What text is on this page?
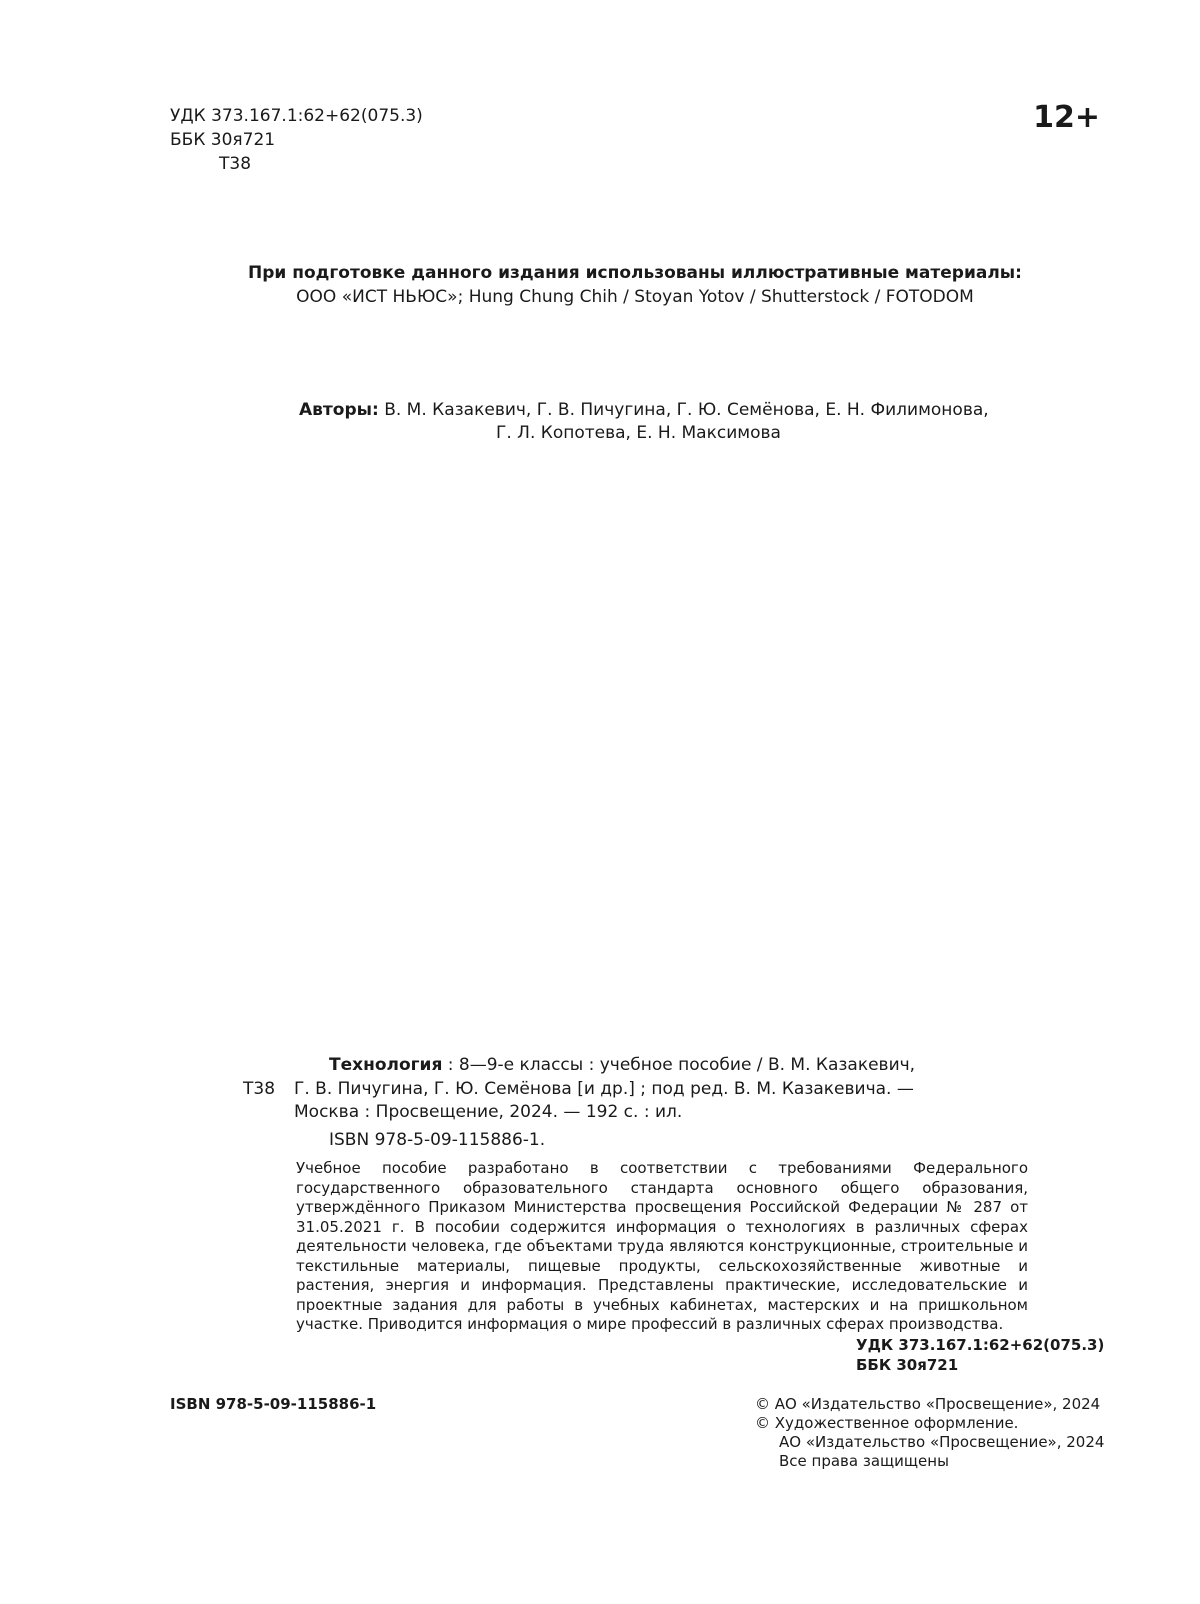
УДК 373.167.1:62+62(075.3)
ББК 30я721
Т38
12+
При подготовке данного издания использованы иллюстративные материалы:
ООО «ИСТ НЬЮС»; Hung Chung Chih / Stoyan Yotov / Shutterstock / FOTODOM
Авторы: В. М. Казакевич, Г. В. Пичугина, Г. Ю. Семёнова, Е. Н. Филимонова,
Г. Л. Копотева, Е. Н. Максимова
Технология : 8—9-е классы : учебное пособие / В. М. Казакевич,
Т38 Г. В. Пичугина, Г. Ю. Семёнова [и др.] ; под ред. В. М. Казакевича. —
Москва : Просвещение, 2024. — 192 с. : ил.
ISBN 978-5-09-115886-1.
Учебное пособие разработано в соответствии с требованиями Федерального государственного образовательного стандарта основного общего образования, утверждённого Приказом Министерства просвещения Российской Федерации № 287 от 31.05.2021 г. В пособии содержится информация о технологиях в различных сферах деятельности человека, где объектами труда являются конструкционные, строительные и текстильные материалы, пищевые продукты, сельскохозяйственные животные и растения, энергия и информация. Представлены практические, исследовательские и проектные задания для работы в учебных кабинетах, мастерских и на пришкольном участке. Приводится информация о мире профессий в различных сферах производства.
УДК 373.167.1:62+62(075.3)
ББК 30я721
ISBN 978-5-09-115886-1	© АО «Издательство «Просвещение», 2024
© Художественное оформление.
АО «Издательство «Просвещение», 2024
Все права защищены
